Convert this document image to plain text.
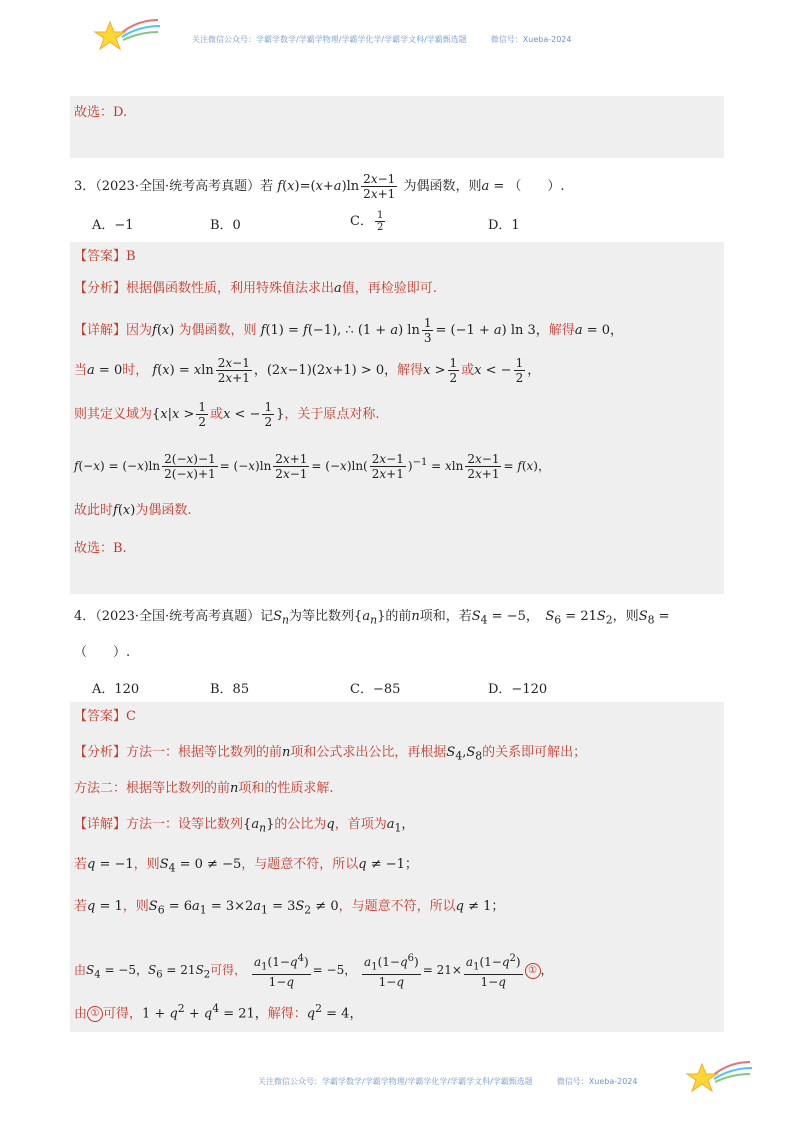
关注微信公众号：学霸学数学/学霸学物理/学霸学化学/学霸学文科/学霸甄选题	微信号：Xueba-2024
故选：D.
3．（2023·全国·统考高考真题）若 $f(x)=(x+a)\ln \frac{2x-1}{2x+1}$ 为偶函数，则a = （　　）.
A．−1	B．0	C． $\frac{1}{2}$	D．1
【答案】B
【分析】根据偶函数性质，利用特殊值法求出a值，再检验即可.
【详解】因为f(x) 为偶函数，则 f(1) = f(−1), ∴ (1 + a) $\ln \frac{1}{3} = (-1 + a)$ ln 3，解得a = 0，
当a = 0时， f(x) = xln $\frac{2x-1}{2x+1}$ ，(2x−1)(2x+1) > 0，解得$x > \frac{1}{2}$ 或x < − $\frac{1}{2}$ ，
则其定义域为{$x|x > \frac{1}{2}$ 或x < − $\frac{1}{2}$ }，关于原点对称.
$f(-x) = (-x)\ln \frac{2(-x)-1}{2(-x)+1} = (-x)\ln \frac{2x+1}{2x-1} = (-x)\ln( \frac{2x-1}{2x+1} )^{-1} = xln \frac{2x-1}{2x+1} = f(x)$，
故此时f(x)为偶函数.
故选：B.
4．（2023·全国·统考高考真题）记$S_n$为等比数列$\{a_n\}$的前n项和，若$S_4 = -5$，　$S_6 = 21S_2$，则$S_8$ =
（　　）.
A．120	B．85	C．−85	D．−120
【答案】C
【分析】方法一：根据等比数列的前n项和公式求出公比，再根据$S_4,S_8$的关系即可解出；
方法二：根据等比数列的前n项和的性质求解.
【详解】方法一：设等比数列$\{a_n\}$的公比为q，首项为$a_1$，
若q = −1，则$S_4 = 0 \ne -5$，与题意不符，所以q ≠ −1；
若q = 1，则$S_6 = 6a_1 = 3\times 2a_1 = 3S_2 \ne 0$，与题意不符，所以q ≠ 1；
由$S_4 = -5$，$S_6 = 21S_2$可得， $\frac{a_1(1-q^4)}{1-q} = -5$， $\frac{a_1(1-q^6)}{1-q} = 21\times \frac{a_1(1-q^2)}{1-q}$ ① ，
由 ① 可得，$1 + q^2 + q^4 = 21$，解得：$q^2 = 4$，
关注微信公众号：学霸学数学/学霸学物理/学霸学化学/学霸学文科/学霸甄选题	微信号：Xueba-2024
